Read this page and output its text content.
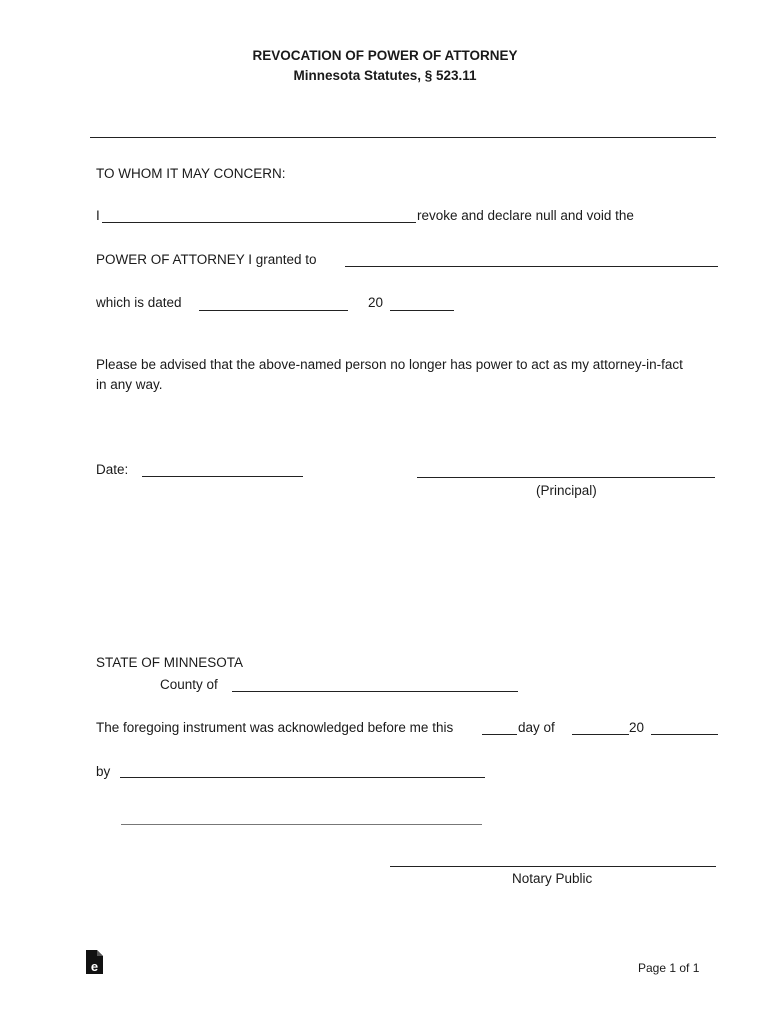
REVOCATION OF POWER OF ATTORNEY
Minnesota Statutes, § 523.11
TO WHOM IT MAY CONCERN:
I	revoke and declare null and void the
POWER OF ATTORNEY I granted to
which is dated	20
Please be advised that the above-named person no longer has power to act as my attorney-in-fact
in any way.
Date:
(Principal)
STATE OF MINNESOTA
County of
The foregoing instrument was acknowledged before me this	day of	20
by
Notary Public
e	Page 1 of 1
